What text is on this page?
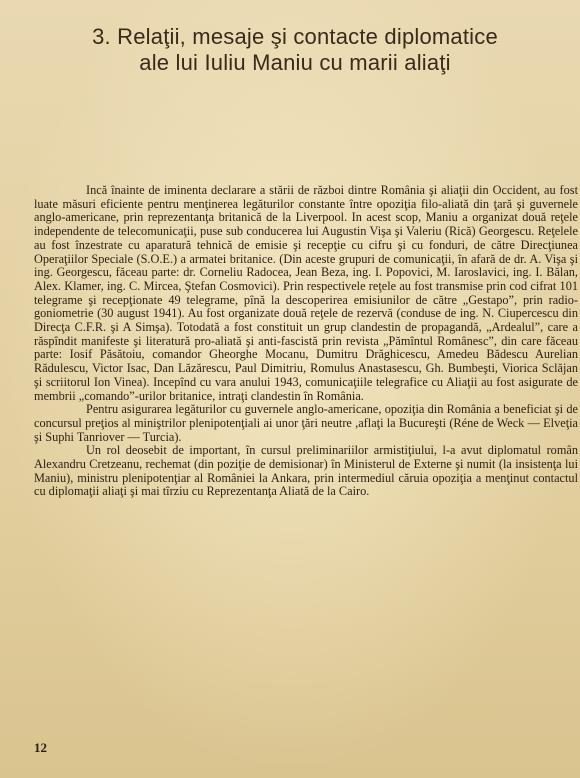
3. Relaţii, mesaje şi contacte diplomatice
ale lui Iuliu Maniu cu marii aliaţi

Incă înainte de iminenta declarare a stării de război dintre România şi aliaţii din Occident, au fost luate măsuri eficiente pentru menţinerea legăturilor constante între opoziţia filo-aliată din ţară şi guvernele anglo-americane, prin reprezentanţa britanică de la Liverpool. In acest scop, Maniu a organizat două reţele independente de telecomunicaţii, puse sub conducerea lui Augustin Vişa şi Valeriu (Rică) Georgescu. Reţelele au fost înzestrate cu aparatură tehnică de emisie şi recepţie cu cifru şi cu fonduri, de către Direcţiunea Operaţiilor Speciale (S.O.E.) a armatei britanice. (Din aceste grupuri de comunicaţii, în afară de dr. A. Vişa şi ing. Georgescu, făceau parte: dr. Corneliu Radocea, Jean Beza, ing. I. Popovici, M. Iaroslavici, ing. I. Bălan, Alex. Klamer, ing. C. Mircea, Ştefan Cosmovici). Prin respectivele reţele au fost transmise prin cod cifrat 101 telegrame şi recepţionate 49 telegrame, pînă la descoperirea emisiunilor de către „Gestapo”, prin radio-goniometrie (30 august 1941). Au fost organizate două reţele de rezervă (conduse de ing. N. Ciupercescu din Direcţa C.F.R. şi A Simşa). Totodată a fost constituit un grup clandestin de propagandă, „Ardealul”, care a răspîndit manifeste şi literatură pro-aliată şi anti-fascistă prin revista „Pămîntul Românesc”, din care făceau parte: Iosif Păsătoiu, comandor Gheorghe Mocanu, Dumitru Drăghicescu, Amedeu Bădescu Aurelian Rădulescu, Victor Isac, Dan Lăzărescu, Paul Dimitriu, Romulus Anastasescu, Gh. Bumbeşti, Viorica Sclăjan şi scriitorul Ion Vinea). Incepînd cu vara anului 1943, comunicaţiile telegrafice cu Aliaţii au fost asigurate de membrii „comando”-urilor britanice, intraţi clandestin în România.

Pentru asigurarea legăturilor cu guvernele anglo-americane, opoziţia din România a beneficiat şi de concursul preţios al miniştrilor plenipotenţiali ai unor ţări neutre ,aflaţi la Bucureşti (Réne de Weck — Elveţia şi Suphi Tanriover — Turcia).

Un rol deosebit de important, în cursul preliminariilor armistiţiului, l-a avut diplomatul român Alexandru Cretzeanu, rechemat (din poziţie de demisionar) în Ministerul de Externe şi numit (la insistenţa lui Maniu), ministru plenipotenţiar al României la Ankara, prin intermediul căruia opoziţia a menţinut contactul cu diplomaţii aliaţi şi mai tîrziu cu Reprezentanţa Aliată de la Cairo.

12
